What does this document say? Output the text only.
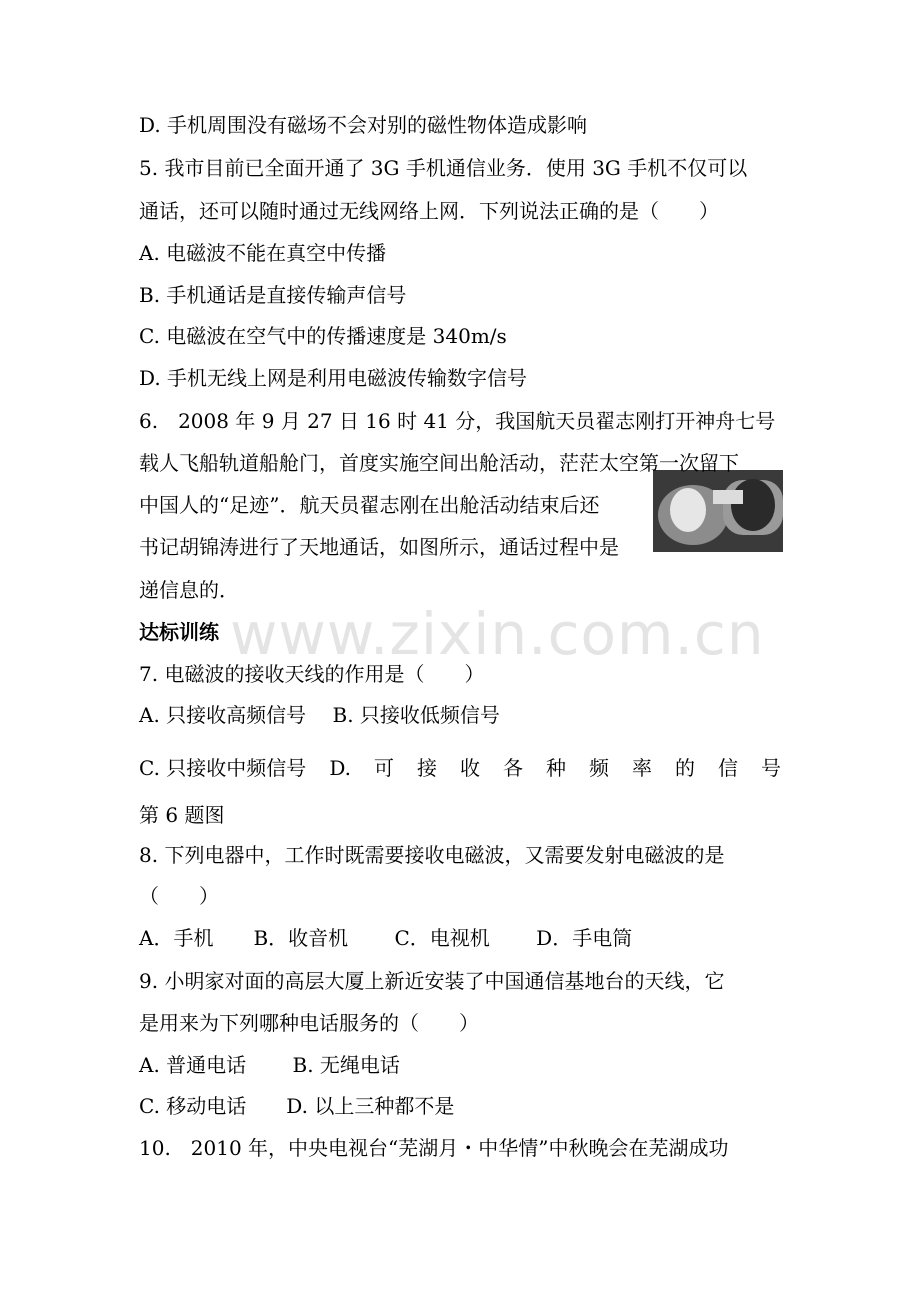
www.zixin.com.cn
D. 手机周围没有磁场不会对别的磁性物体造成影响
5. 我市目前已全面开通了 3G 手机通信业务．使用 3G 手机不仅可以
通话，还可以随时通过无线网络上网．下列说法正确的是（　　）
A. 电磁波不能在真空中传播
B. 手机通话是直接传输声信号
C. 电磁波在空气中的传播速度是 340m/s
D. 手机无线上网是利用电磁波传输数字信号
6.　2008 年 9 月 27 日 16 时 41 分，我国航天员翟志刚打开神舟七号
载人飞船轨道船舱门，首度实施空间出舱活动，茫茫太空第一次留下
中国人的“足迹”．航天员翟志刚在出舱活动结束后还
书记胡锦涛进行了天地通话，如图所示，通话过程中是
递信息的．
达标训练
7. 电磁波的接收天线的作用是（　　）
A. 只接收高频信号　 B. 只接收低频信号
C. 只接收中频信号 D. 可 接 收 各 种 频 率 的 信 号
第 6 题图
8. 下列电器中，工作时既需要接收电磁波，又需要发射电磁波的是
（　　）
A．手机　　B．收音机　　 C．电视机　　 D．手电筒
9. 小明家对面的高层大厦上新近安装了中国通信基地台的天线，它
是用来为下列哪种电话服务的（　　）
A. 普通电话　　 B. 无绳电话
C. 移动电话　　D. 以上三种都不是
10.　2010 年，中央电视台“芜湖月・中华情”中秋晚会在芜湖成功
